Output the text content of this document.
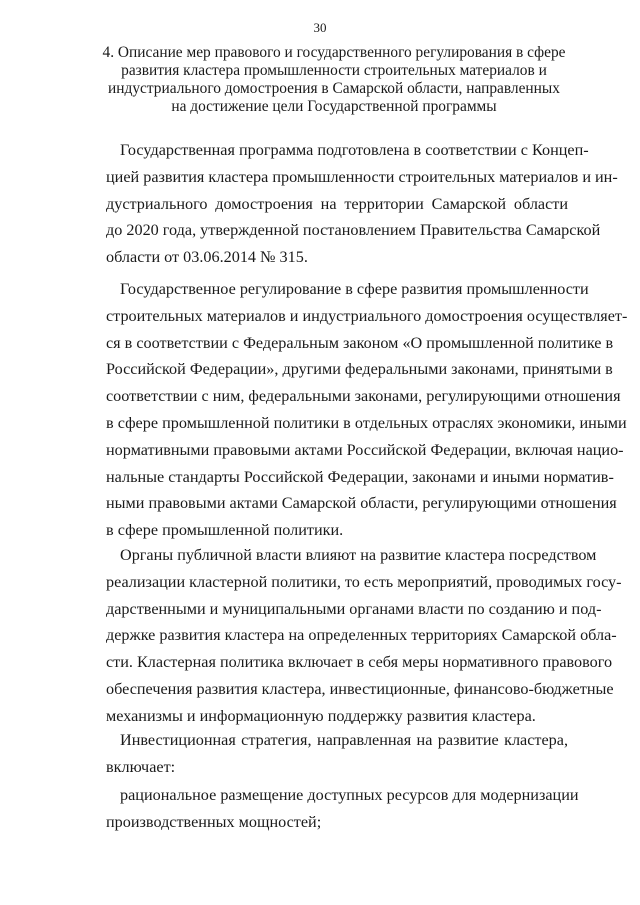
30
4. Описание мер правового и государственного регулирования в сфере
развития кластера промышленности строительных материалов и
индустриального домостроения в Самарской области, направленных
на достижение цели Государственной программы
Государственная программа подготовлена в соответствии с Концеп-
цией развития кластера промышленности строительных материалов и ин-
дустриального домостроения на территории Самарской области
до 2020 года, утвержденной постановлением Правительства Самарской
области от 03.06.2014 № 315.
Государственное регулирование в сфере развития промышленности
строительных материалов и индустриального домостроения осуществляет-
ся в соответствии с Федеральным законом «О промышленной политике в
Российской Федерации», другими федеральными законами, принятыми в
соответствии с ним, федеральными законами, регулирующими отношения
в сфере промышленной политики в отдельных отраслях экономики, иными
нормативными правовыми актами Российской Федерации, включая нацио-
нальные стандарты Российской Федерации, законами и иными норматив-
ными правовыми актами Самарской области, регулирующими отношения
в сфере промышленной политики.
Органы публичной власти влияют на развитие кластера посредством
реализации кластерной политики, то есть мероприятий, проводимых госу-
дарственными и муниципальными органами власти по созданию и под-
держке развития кластера на определенных территориях Самарской обла-
сти. Кластерная политика включает в себя меры нормативного правового
обеспечения развития кластера, инвестиционные, финансово-бюджетные
механизмы и информационную поддержку развития кластера.
Инвестиционная стратегия, направленная на развитие кластера,
включает:
рациональное размещение доступных ресурсов для модернизации
производственных мощностей;
